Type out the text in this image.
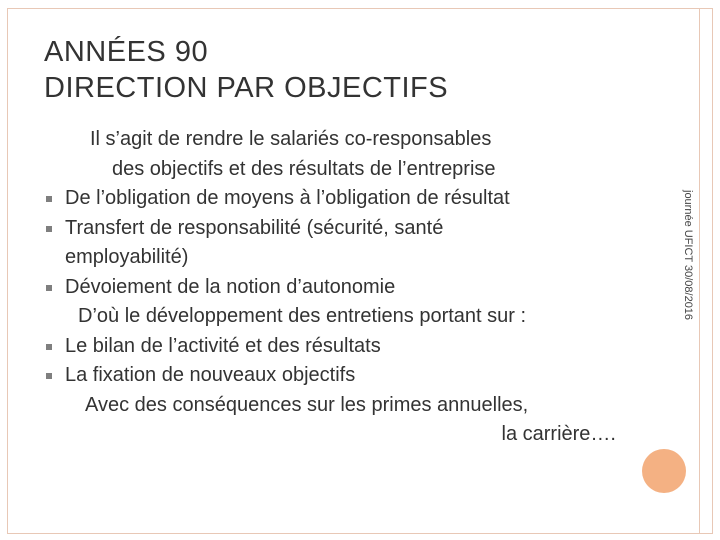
ANNÉES 90
DIRECTION PAR OBJECTIFS
journée UFICT 30/08/2016
Il s’agit de rendre le salariés co-responsables
des objectifs et des résultats de l’entreprise
De l’obligation de moyens à l’obligation de résultat
Transfert de responsabilité (sécurité, santé
employabilité)
Dévoiement de la notion d’autonomie
D’où le développement des entretiens portant sur :
Le bilan de l’activité et des résultats
La fixation de nouveaux objectifs
Avec des conséquences sur les primes annuelles,
la carrière….
